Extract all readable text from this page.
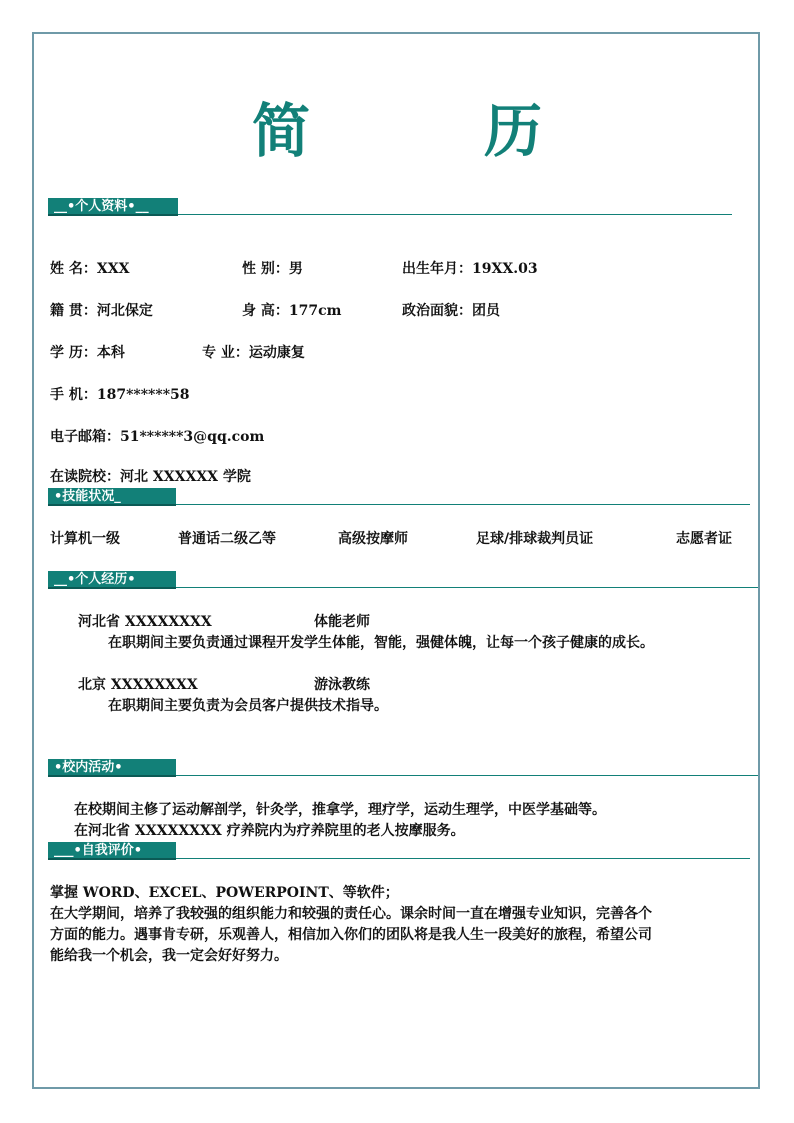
简　历
__•个人资料•__
姓 名：XXX	性 别：男	出生年月：19XX.03
籍 贯：河北保定	身 高：177cm	政治面貌：团员
学 历：本科	专 业：运动康复
手 机：187******58
电子邮箱：51******3@qq.com
在读院校：河北 XXXXXX 学院
•技能状况_
计算机一级	普通话二级乙等	高级按摩师	足球/排球裁判员证	志愿者证
__•个人经历•
河北省 XXXXXXXX	体能老师
在职期间主要负责通过课程开发学生体能，智能，强健体魄，让每一个孩子健康的成长。
北京 XXXXXXXX	游泳教练
在职期间主要负责为会员客户提供技术指导。
•校内活动•
在校期间主修了运动解剖学，针灸学，推拿学，理疗学，运动生理学，中医学基础等。
在河北省 XXXXXXXX 疗养院内为疗养院里的老人按摩服务。
___•自我评价•
掌握 WORD、EXCEL、POWERPOINT、等软件；
在大学期间，培养了我较强的组织能力和较强的责任心。课余时间一直在增强专业知识，完善各个
方面的能力。遇事肯专研，乐观善人，相信加入你们的团队将是我人生一段美好的旅程，希望公司
能给我一个机会，我一定会好好努力。
